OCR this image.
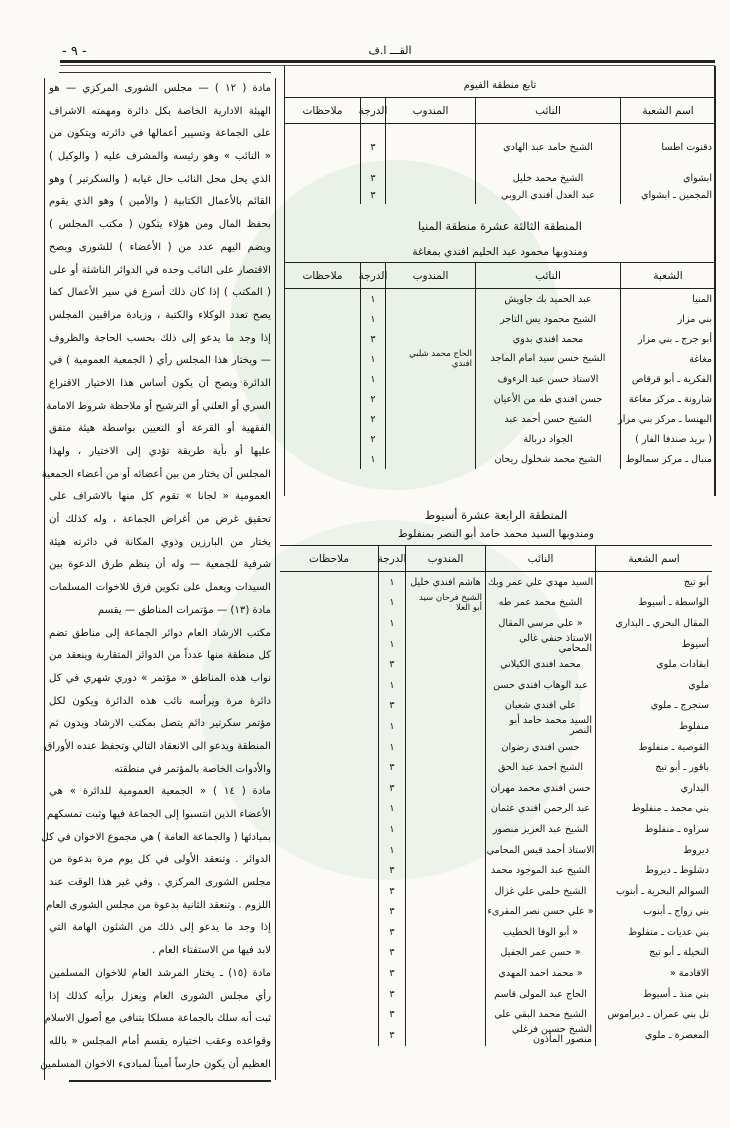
- ٩ -	القـــ ا.ف
مادة ( ١٢ ) — مجلس الشورى المركزي — هو
الهيئة الادارية الخاصة بكل دائرة ومهمته الاشراف
على الجماعة وتسيير أعمالها في دائرته ويتكون من
« النائب » وهو رئيسه والمشرف عليه ( والوكيل )
الذي يحل محل النائب حال غيابه ( والسكرتير ) وهو
القائم بالأعمال الكتابية ( والأمين ) وهو الذي يقوم
بحفظ المال ومن هؤلاء يتكون ( مكتب المجلس )
ويضم اليهم عدد من ( الأعضاء ) للشورى ويصح
الاقتصار على النائب وحده في الدوائر الناشئة أو على
( المكتب ) إذا كان ذلك أسرع في سير الأعمال كما
يصح تعدد الوكلاء والكتبة ، وزيادة مراقبين المجلس
إذا وجد ما يدعو إلى ذلك بحسب الحاجة والظروف
— ويختار هذا المجلس رأي ( الجمعية العمومية ) في
الدائرة ويصح أن يكون أساس هذا الاختيار الاقتراع
السري أو العلني أو الترشيح أو ملاحظة شروط الامامة
الفقهية أو القرعة أو التعيين بواسطة هيئة متفق
عليها أو بأية طريقة تؤدي إلى الاختيار ، ولهذا
المجلس أن يختار من بين أعضائه أو من أعضاء الجمعية
العمومية « لجانا » تقوم كل منها بالاشراف على
تحقيق غرض من أغراض الجماعة ، وله كذلك أن
يختار من البارزين وذوي المكانة في دائرته هيئة
شرفية للجمعية — وله أن ينظم طرق الدعوة بين
السيدات ويعمل على تكوين فرق للاخوات المسلمات
مادة (١٣) — مؤتمرات المناطق — يقسم
مكتب الارشاد العام دوائر الجماعة إلى مناطق تضم
كل منطقة منها عدداً من الدوائر المتقاربة وينعقد من
نواب هذه المناطق « مؤتمر » دوري شهري في كل
دائرة مرة ويرأسه نائب هذه الدائرة ويكون لكل
مؤتمر سكرتير دائم يتصل بمكتب الارشاد ويدون ثم
المنطقة ويدعو الى الانعقاد التالي وتحفظ عنده الأوراق
والأدوات الخاصة بالمؤتمر في منطقته
مادة ( ١٤ ) « الجمعية العمومية للدائرة » هي
الأعضاء الذين انتسبوا إلى الجماعة فيها وثبت تمسكهم
بمبادئها ( والجماعة العامة ) هي مجموع الاخوان في كل
الدوائر . وتنعقد الأولى في كل يوم مرة بدعوة من
مجلس الشورى المركزي . وفي غير هذا الوقت عند
اللزوم . وتنعقد الثانية بدعوة من مجلس الشورى العام
إذا وجد ما يدعو إلى ذلك من الشئون الهامة التي
لابد فيها من الاستفتاء العام .
مادة (١٥) ـ يختار المرشد العام للاخوان المسلمين
رأي مجلس الشورى العام ويعزل برأيه كذلك إذا
ثبت أنه سلك بالجماعة مسلكا يتنافى مع أصول الاسلام
وقواعده وعقب اختياره يقسم أمام المجلس « بالله
العظيم أن يكون حارساً أميناً لمبادىء الاخوان المسلمين
تابع منطقة الفيوم
اسم الشعبة
النائب
المندوب
الدرجة
ملاحظات
دقنوت اطسا
الشيخ حامد عبد الهادي
٣
ابشواي
الشيخ محمد خليل
٣
المجمين ـ ابشواي
عبد العدل أفندي الروبي
٣
المنطقة الثالثة عشرة منطقة المنيا
ومندوبها محمود عبد الحليم افندي بمغاغة
الشعبة
النائب
المندوب
الدرجة
ملاحظات
المنيا
عبد الحميد بك جاويش
١
بني مزار
الشيخ محمود يس التاجر
١
أبو جرج ـ بني مزار
محمد افندي بدوي
٣
مغاغة
الشيخ حسن سيد امام الماجد
الحاج محمد شلبي افندي
١
الفكرية ـ أبو قرقاص
الاستاذ حسن عبد الرءوف
١
شارونة ـ مركز مغاغة
حسن افندي طه من الأعيان
٢
البهنسا ـ مركز بني مزار
الشيخ حسن أحمد عبد
٢
( بريد صندفا الفار )
الجواد دربالة
٢
منبال ـ مركز سمالوط
الشيخ محمد شخلول ريحان
١
المنطقة الرابعة عشرة أسيوط
ومندوبها السيد محمد حامد أبو النصر بمنفلوط
اسم الشعبة
النائب
المندوب
الدرجة
ملاحظات
أبو تيج
السيد مهدي علي عمر وبك
هاشم افندي خليل
١
الواسطة ـ أسيوط
الشيخ محمد عمر طه
الشيخ فرحان سيد أبو العلا
١
المقال البحري ـ البداري
« علي مرسي المقال
١
أسيوط
الاستاذ حنفي غالي المحامي
١
ابقادات ملوي
محمد افندي الكيلاني
٣
ملوي
عبد الوهاب افندي حسن
١
سنجرج ـ ملوي
علي افندي شعبان
٣
منفلوط
السيد محمد حامد أبو النصر
١
القوصية ـ منفلوط
حسن افندي رضوان
١
باقور ـ أبو تيج
الشيخ احمد عبد الحق
٣
البداري
حسن افندي محمد مهران
٣
بني محمد ـ منفلوط
عبد الرحمن افندي عثمان
١
سراوه ـ منفلوط
الشيخ عبد العزيز منصور
١
ديروط
الاستاذ أحمد قيس المحامي
١
دشلوط ـ ديروط
الشيخ عبد الموجود محمد
٣
السوالم البحرية ـ أبنوب
الشيخ حلمي علي غزال
٣
بني زواج ـ أبنوب
« علي حسن نصر المقرىء
٣
بني عديات ـ منفلوط
« أبو الوفا الخطيب
٣
النخيلة ـ أبو تيج
« حسن عمر الجفيل
٣
الاقادمة «
« محمد احمد المهدي
٣
بني منذ ـ أسيوط
الحاج عبد المولى قاسم
٣
تل بني عمران ـ ديراموس
الشيخ محمد البقي علي
٣
المعصرة ـ ملوي
الشيخ حسين فرغلي منصور المأذون
٣
